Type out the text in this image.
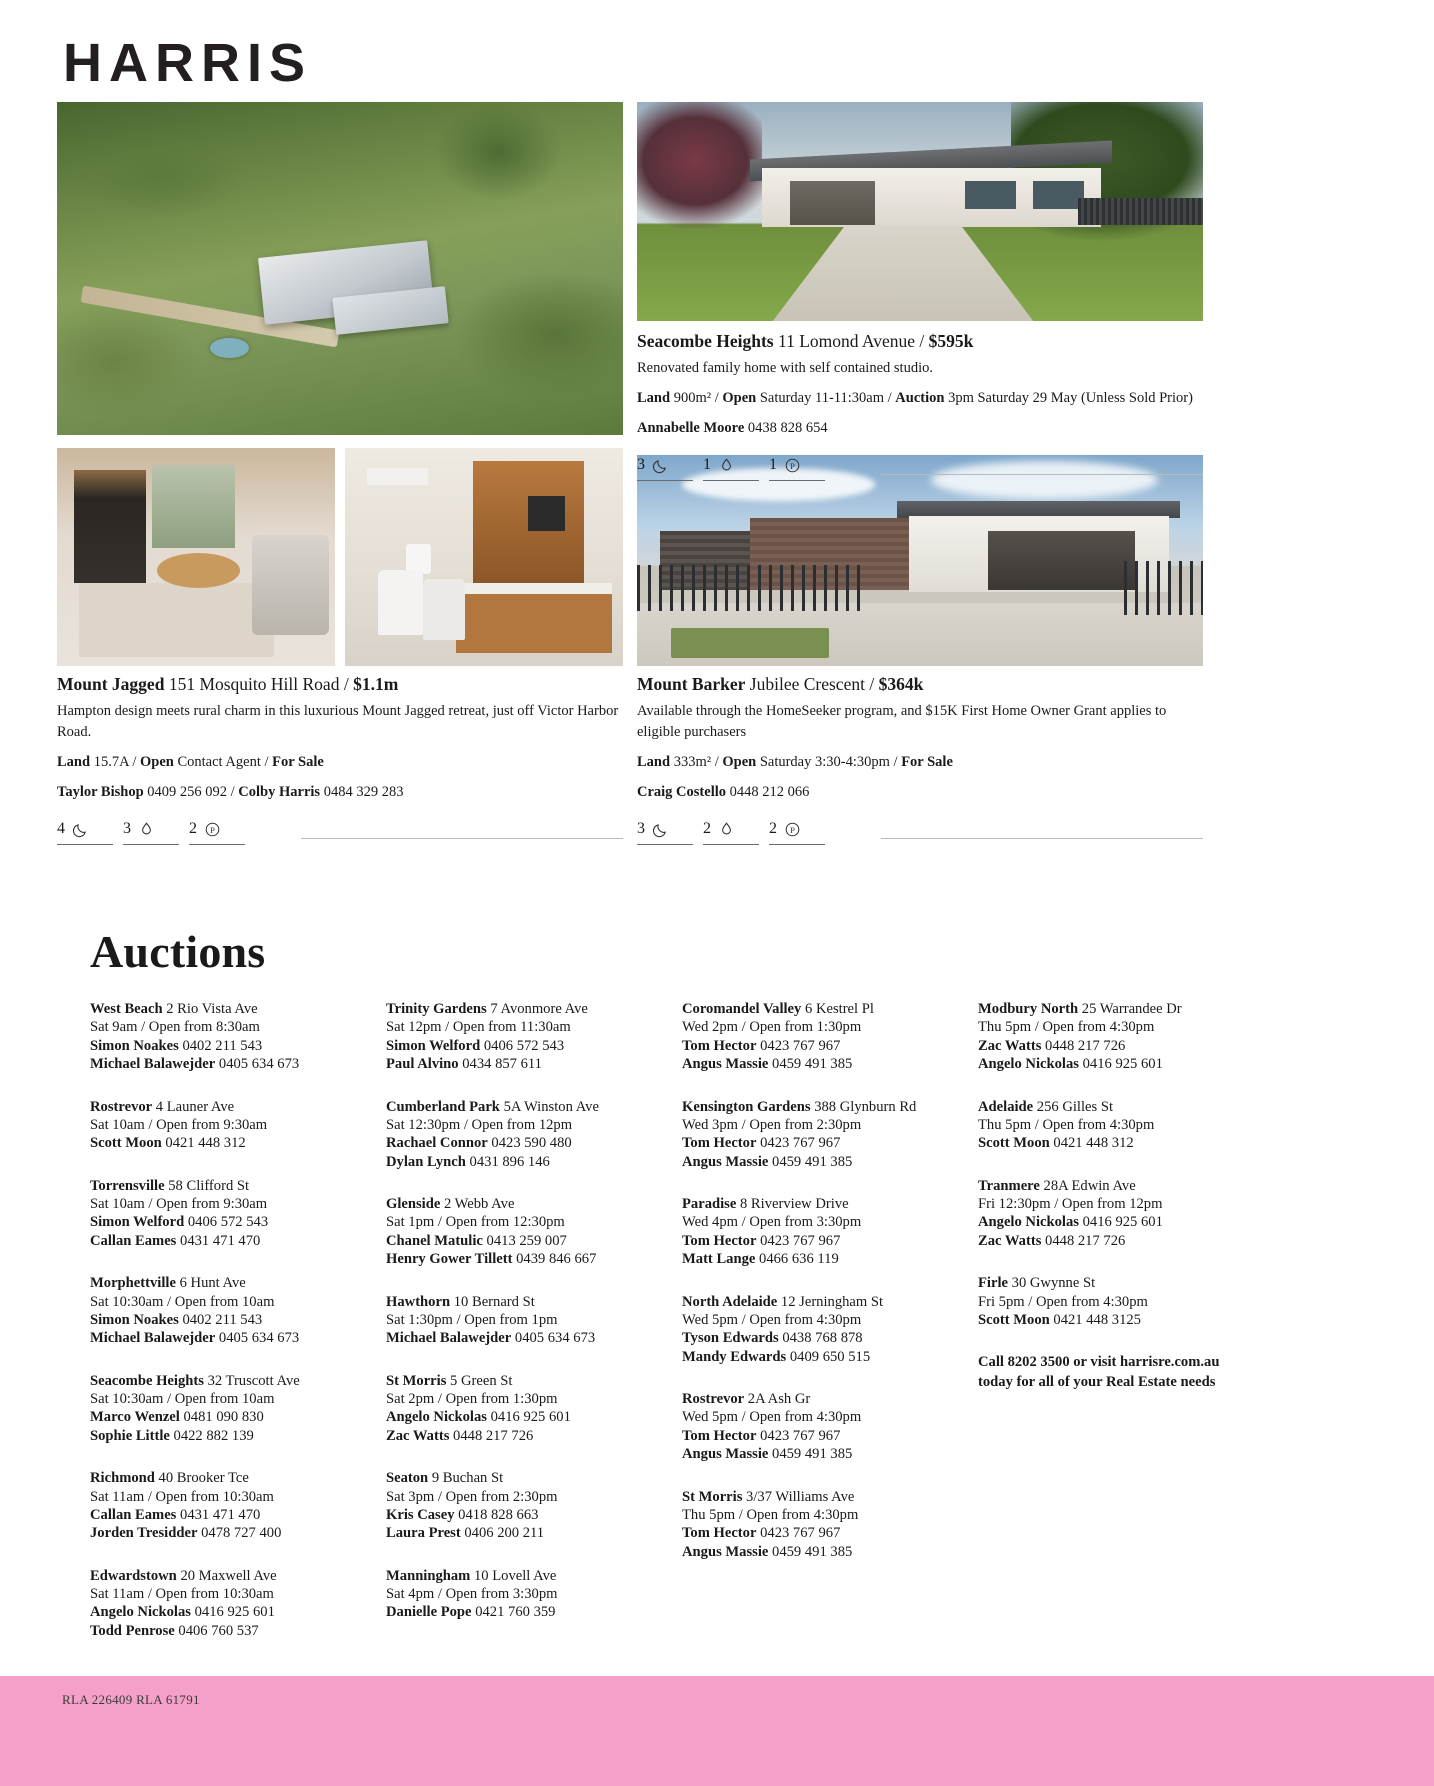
HARRIS
Seacombe Heights 11 Lomond Avenue / $595k
Renovated family home with self contained studio.
Land 900m² / Open Saturday 11-11:30am / Auction 3pm Saturday 29 May (Unless Sold Prior)
Annabelle Moore 0438 828 654
3	1	1 P
Mount Jagged 151 Mosquito Hill Road / $1.1m
Hampton design meets rural charm in this luxurious Mount Jagged retreat, just off Victor Harbor Road.
Land 15.7A / Open Contact Agent / For Sale
Taylor Bishop 0409 256 092 / Colby Harris 0484 329 283
4	3	2 P
Mount Barker Jubilee Crescent / $364k
Available through the HomeSeeker program, and $15K First Home Owner Grant applies to eligible purchasers
Land 333m² / Open Saturday 3:30-4:30pm / For Sale
Craig Costello 0448 212 066
3	2	2 P
Auctions
West Beach 2 Rio Vista Ave
Sat 9am / Open from 8:30am
Simon Noakes 0402 211 543
Michael Balawejder 0405 634 673
Rostrevor 4 Launer Ave
Sat 10am / Open from 9:30am
Scott Moon 0421 448 312
Torrensville 58 Clifford St
Sat 10am / Open from 9:30am
Simon Welford 0406 572 543
Callan Eames 0431 471 470
Morphettville 6 Hunt Ave
Sat 10:30am / Open from 10am
Simon Noakes 0402 211 543
Michael Balawejder 0405 634 673
Seacombe Heights 32 Truscott Ave
Sat 10:30am / Open from 10am
Marco Wenzel 0481 090 830
Sophie Little 0422 882 139
Richmond 40 Brooker Tce
Sat 11am / Open from 10:30am
Callan Eames 0431 471 470
Jorden Tresidder 0478 727 400
Edwardstown 20 Maxwell Ave
Sat 11am / Open from 10:30am
Angelo Nickolas 0416 925 601
Todd Penrose 0406 760 537
Trinity Gardens 7 Avonmore Ave
Sat 12pm / Open from 11:30am
Simon Welford 0406 572 543
Paul Alvino 0434 857 611
Cumberland Park 5A Winston Ave
Sat 12:30pm / Open from 12pm
Rachael Connor 0423 590 480
Dylan Lynch 0431 896 146
Glenside 2 Webb Ave
Sat 1pm / Open from 12:30pm
Chanel Matulic 0413 259 007
Henry Gower Tillett 0439 846 667
Hawthorn 10 Bernard St
Sat 1:30pm / Open from 1pm
Michael Balawejder 0405 634 673
St Morris 5 Green St
Sat 2pm / Open from 1:30pm
Angelo Nickolas 0416 925 601
Zac Watts 0448 217 726
Seaton 9 Buchan St
Sat 3pm / Open from 2:30pm
Kris Casey 0418 828 663
Laura Prest 0406 200 211
Manningham 10 Lovell Ave
Sat 4pm / Open from 3:30pm
Danielle Pope 0421 760 359
Coromandel Valley 6 Kestrel Pl
Wed 2pm / Open from 1:30pm
Tom Hector 0423 767 967
Angus Massie 0459 491 385
Kensington Gardens 388 Glynburn Rd
Wed 3pm / Open from 2:30pm
Tom Hector 0423 767 967
Angus Massie 0459 491 385
Paradise 8 Riverview Drive
Wed 4pm / Open from 3:30pm
Tom Hector 0423 767 967
Matt Lange 0466 636 119
North Adelaide 12 Jerningham St
Wed 5pm / Open from 4:30pm
Tyson Edwards 0438 768 878
Mandy Edwards 0409 650 515
Rostrevor 2A Ash Gr
Wed 5pm / Open from 4:30pm
Tom Hector 0423 767 967
Angus Massie 0459 491 385
St Morris 3/37 Williams Ave
Thu 5pm / Open from 4:30pm
Tom Hector 0423 767 967
Angus Massie 0459 491 385
Modbury North 25 Warrandee Dr
Thu 5pm / Open from 4:30pm
Zac Watts 0448 217 726
Angelo Nickolas 0416 925 601
Adelaide 256 Gilles St
Thu 5pm / Open from 4:30pm
Scott Moon 0421 448 312
Tranmere 28A Edwin Ave
Fri 12:30pm / Open from 12pm
Angelo Nickolas 0416 925 601
Zac Watts 0448 217 726
Firle 30 Gwynne St
Fri 5pm / Open from 4:30pm
Scott Moon 0421 448 3125
Call 8202 3500 or visit harrisre.com.au today for all of your Real Estate needs
RLA 226409 RLA 61791
